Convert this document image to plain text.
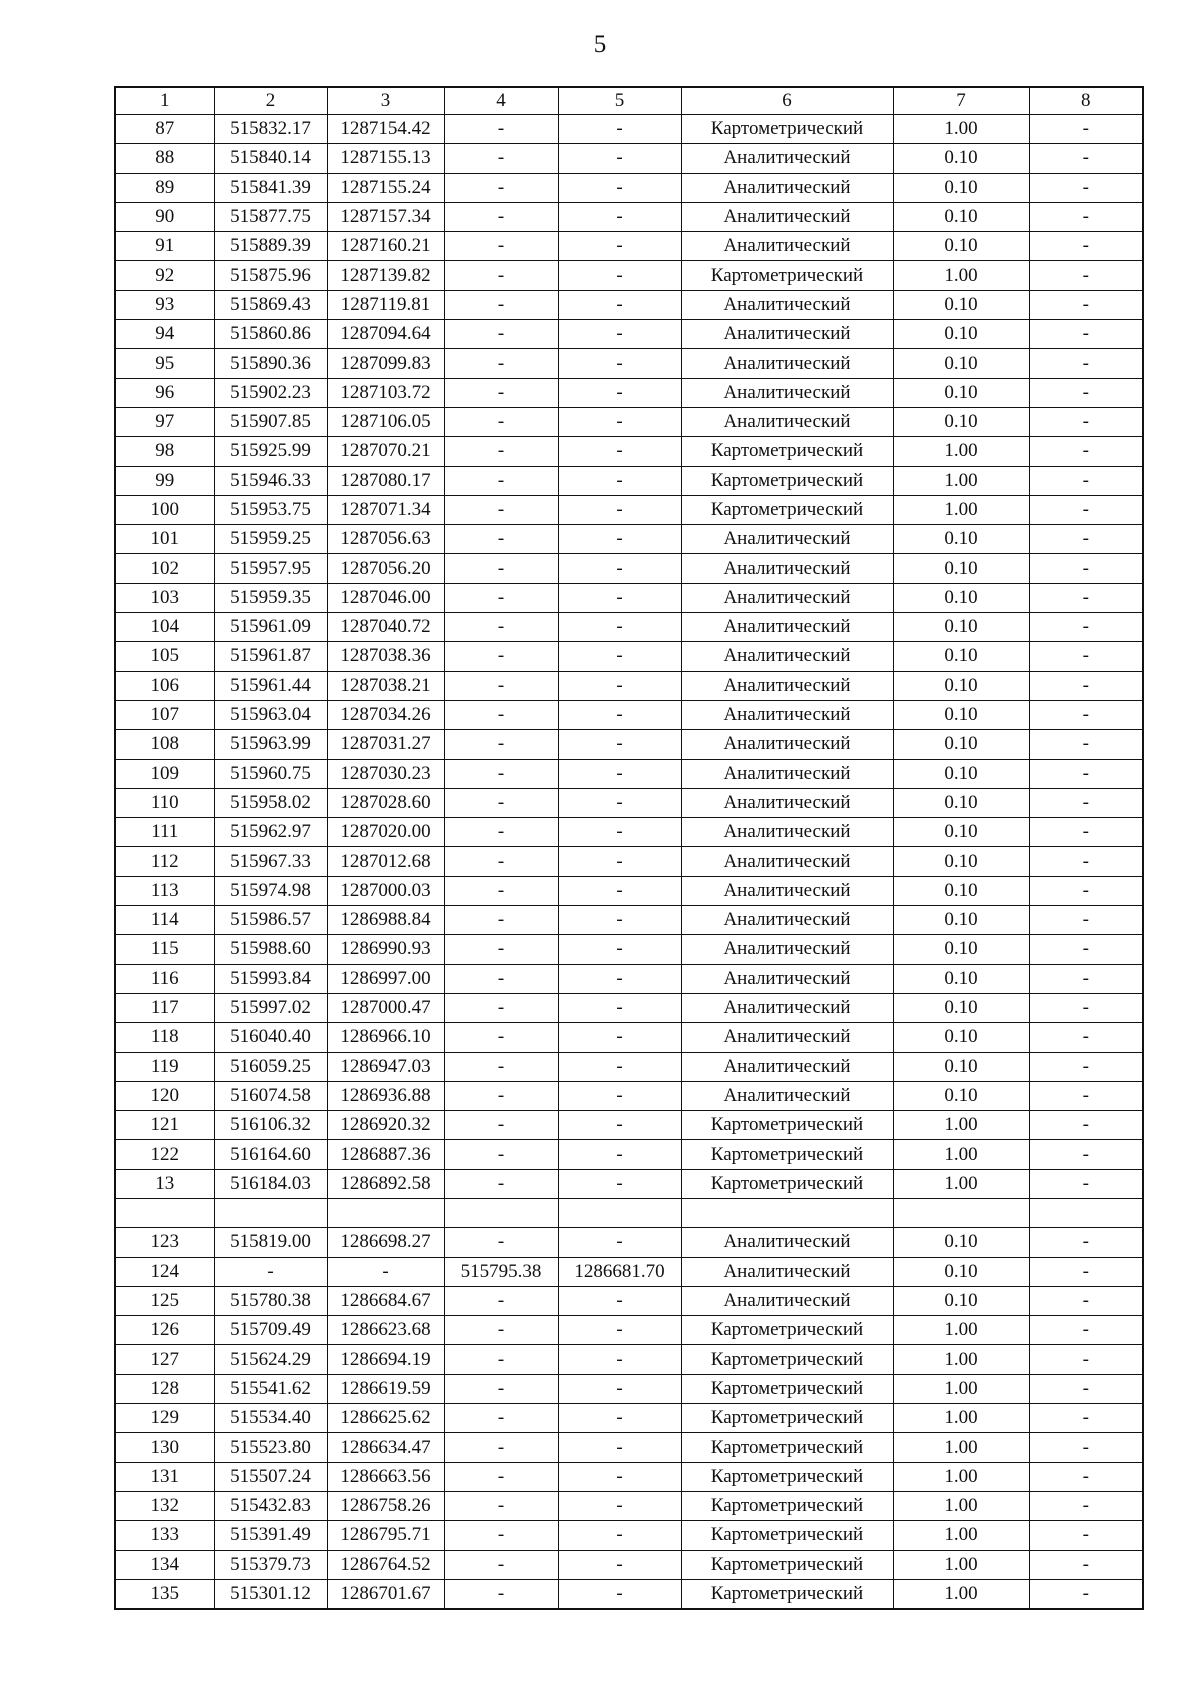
5
1	2	3	4	5	6	7	8
87	515832.17	1287154.42	-	-	Картометрический	1.00	-
88	515840.14	1287155.13	-	-	Аналитический	0.10	-
89	515841.39	1287155.24	-	-	Аналитический	0.10	-
90	515877.75	1287157.34	-	-	Аналитический	0.10	-
91	515889.39	1287160.21	-	-	Аналитический	0.10	-
92	515875.96	1287139.82	-	-	Картометрический	1.00	-
93	515869.43	1287119.81	-	-	Аналитический	0.10	-
94	515860.86	1287094.64	-	-	Аналитический	0.10	-
95	515890.36	1287099.83	-	-	Аналитический	0.10	-
96	515902.23	1287103.72	-	-	Аналитический	0.10	-
97	515907.85	1287106.05	-	-	Аналитический	0.10	-
98	515925.99	1287070.21	-	-	Картометрический	1.00	-
99	515946.33	1287080.17	-	-	Картометрический	1.00	-
100	515953.75	1287071.34	-	-	Картометрический	1.00	-
101	515959.25	1287056.63	-	-	Аналитический	0.10	-
102	515957.95	1287056.20	-	-	Аналитический	0.10	-
103	515959.35	1287046.00	-	-	Аналитический	0.10	-
104	515961.09	1287040.72	-	-	Аналитический	0.10	-
105	515961.87	1287038.36	-	-	Аналитический	0.10	-
106	515961.44	1287038.21	-	-	Аналитический	0.10	-
107	515963.04	1287034.26	-	-	Аналитический	0.10	-
108	515963.99	1287031.27	-	-	Аналитический	0.10	-
109	515960.75	1287030.23	-	-	Аналитический	0.10	-
110	515958.02	1287028.60	-	-	Аналитический	0.10	-
111	515962.97	1287020.00	-	-	Аналитический	0.10	-
112	515967.33	1287012.68	-	-	Аналитический	0.10	-
113	515974.98	1287000.03	-	-	Аналитический	0.10	-
114	515986.57	1286988.84	-	-	Аналитический	0.10	-
115	515988.60	1286990.93	-	-	Аналитический	0.10	-
116	515993.84	1286997.00	-	-	Аналитический	0.10	-
117	515997.02	1287000.47	-	-	Аналитический	0.10	-
118	516040.40	1286966.10	-	-	Аналитический	0.10	-
119	516059.25	1286947.03	-	-	Аналитический	0.10	-
120	516074.58	1286936.88	-	-	Аналитический	0.10	-
121	516106.32	1286920.32	-	-	Картометрический	1.00	-
122	516164.60	1286887.36	-	-	Картометрический	1.00	-
13	516184.03	1286892.58	-	-	Картометрический	1.00	-

123	515819.00	1286698.27	-	-	Аналитический	0.10	-
124	-	-	515795.38	1286681.70	Аналитический	0.10	-
125	515780.38	1286684.67	-	-	Аналитический	0.10	-
126	515709.49	1286623.68	-	-	Картометрический	1.00	-
127	515624.29	1286694.19	-	-	Картометрический	1.00	-
128	515541.62	1286619.59	-	-	Картометрический	1.00	-
129	515534.40	1286625.62	-	-	Картометрический	1.00	-
130	515523.80	1286634.47	-	-	Картометрический	1.00	-
131	515507.24	1286663.56	-	-	Картометрический	1.00	-
132	515432.83	1286758.26	-	-	Картометрический	1.00	-
133	515391.49	1286795.71	-	-	Картометрический	1.00	-
134	515379.73	1286764.52	-	-	Картометрический	1.00	-
135	515301.12	1286701.67	-	-	Картометрический	1.00	-
